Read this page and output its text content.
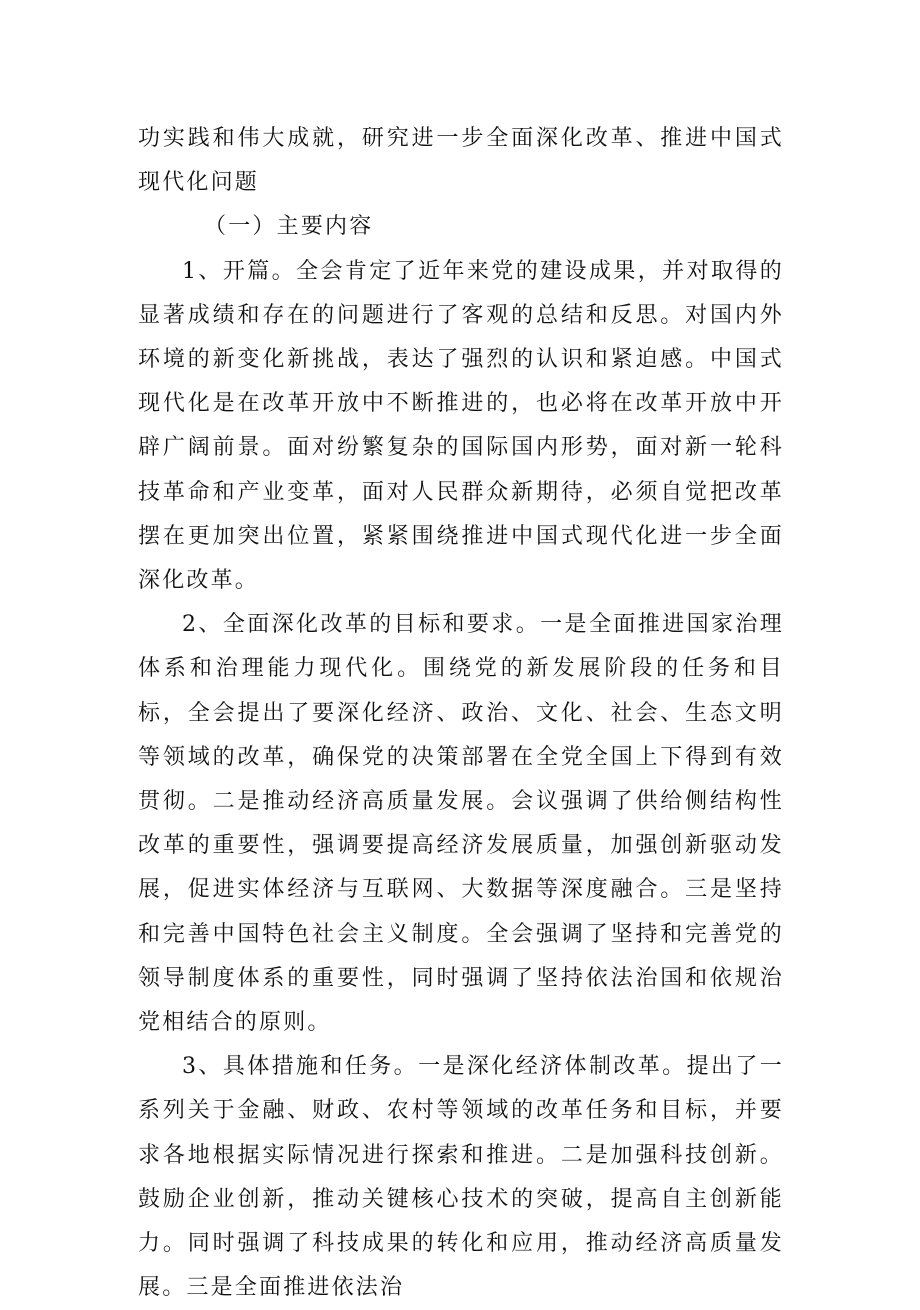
功实践和伟大成就，研究进一步全面深化改革、推进中国式现代化问题

（一）主要内容

1、开篇。全会肯定了近年来党的建设成果，并对取得的显著成绩和存在的问题进行了客观的总结和反思。对国内外环境的新变化新挑战，表达了强烈的认识和紧迫感。中国式现代化是在改革开放中不断推进的，也必将在改革开放中开辟广阔前景。面对纷繁复杂的国际国内形势，面对新一轮科技革命和产业变革，面对人民群众新期待，必须自觉把改革摆在更加突出位置，紧紧围绕推进中国式现代化进一步全面深化改革。

2、全面深化改革的目标和要求。一是全面推进国家治理体系和治理能力现代化。围绕党的新发展阶段的任务和目标，全会提出了要深化经济、政治、文化、社会、生态文明等领域的改革，确保党的决策部署在全党全国上下得到有效贯彻。二是推动经济高质量发展。会议强调了供给侧结构性改革的重要性，强调要提高经济发展质量，加强创新驱动发展，促进实体经济与互联网、大数据等深度融合。三是坚持和完善中国特色社会主义制度。全会强调了坚持和完善党的领导制度体系的重要性，同时强调了坚持依法治国和依规治党相结合的原则。

3、具体措施和任务。一是深化经济体制改革。提出了一系列关于金融、财政、农村等领域的改革任务和目标，并要求各地根据实际情况进行探索和推进。二是加强科技创新。鼓励企业创新，推动关键核心技术的突破，提高自主创新能力。同时强调了科技成果的转化和应用，推动经济高质量发展。三是全面推进依法治
